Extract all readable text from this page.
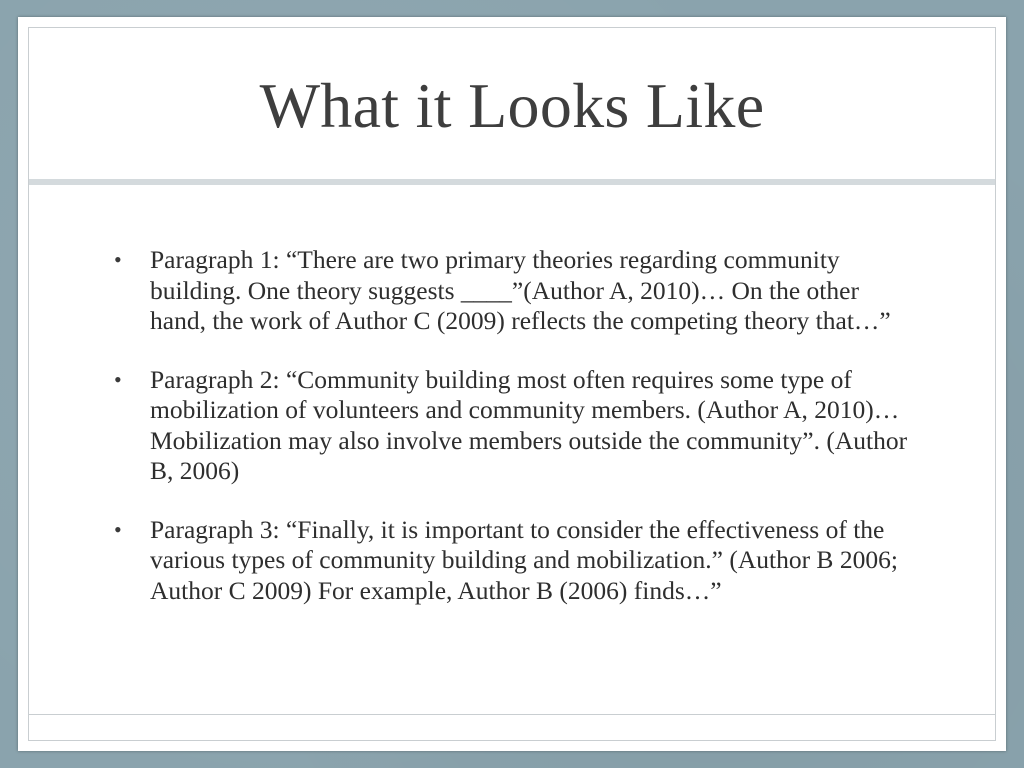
What it Looks Like
• Paragraph 1: “There are two primary theories regarding community building. One theory suggests ____”(Author A, 2010)… On the other hand, the work of Author C (2009) reflects the competing theory that…”
• Paragraph 2: “Community building most often requires some type of mobilization of volunteers and community members. (Author A, 2010)…Mobilization may also involve members outside the community”. (Author B, 2006)
• Paragraph 3: “Finally, it is important to consider the effectiveness of the various types of community building and mobilization.” (Author B 2006; Author C 2009) For example, Author B (2006) finds…”
